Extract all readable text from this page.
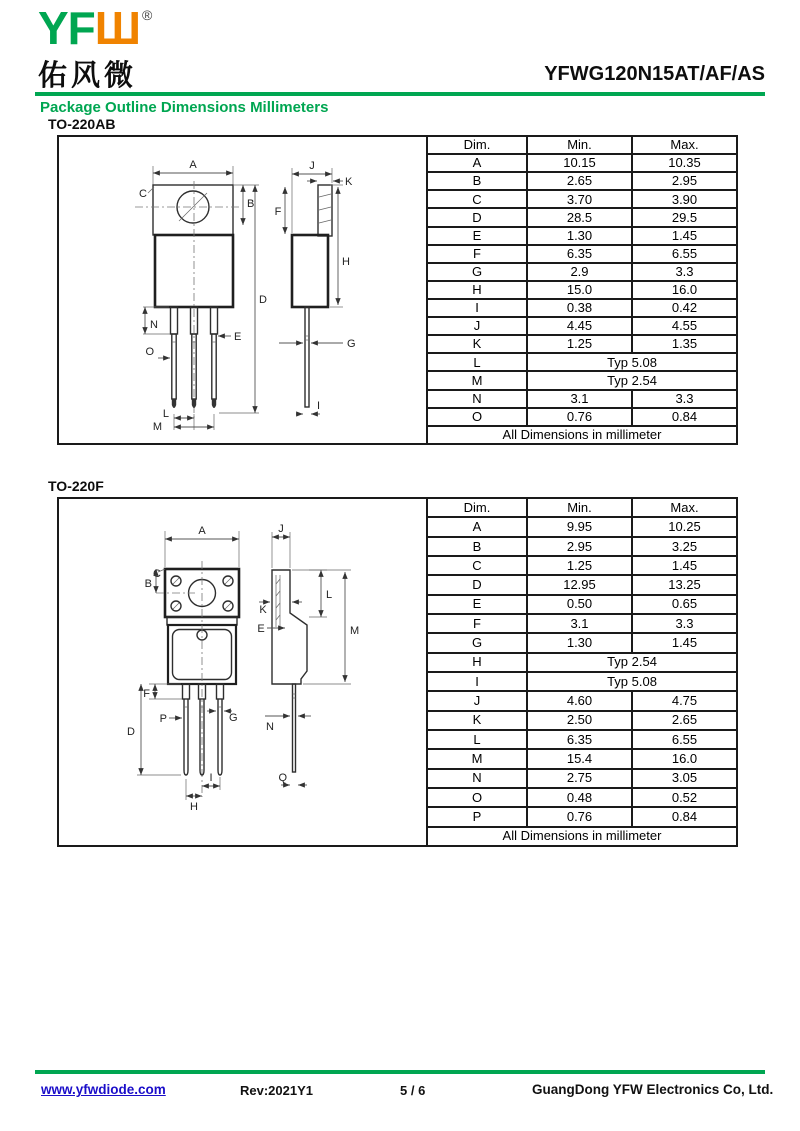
YFШ ®
佑风微	YFWG120N15AT/AF/AS
Package Outline Dimensions Millimeters
TO-220AB
A
C
B
D
N
E
O
L
M
J
K
F
H
G
I
Dim.	Min.	Max.
A	10.15	10.35
B	2.65	2.95
C	3.70	3.90
D	28.5	29.5
E	1.30	1.45
F	6.35	6.55
G	2.9	3.3
H	15.0	16.0
I	0.38	0.42
J	4.45	4.55
K	1.25	1.35
L	Typ 5.08	
M	Typ 2.54	
N	3.1	3.3
O	0.76	0.84
All Dimensions in millimeter		
TO-220F
A
C
B
F
D
P	G
I
H
J
L
K
E	M
N
Q
Dim.	Min.	Max.
A	9.95	10.25
B	2.95	3.25
C	1.25	1.45
D	12.95	13.25
E	0.50	0.65
F	3.1	3.3
G	1.30	1.45
H	Typ 2.54	
I	Typ 5.08	
J	4.60	4.75
K	2.50	2.65
L	6.35	6.55
M	15.4	16.0
N	2.75	3.05
O	0.48	0.52
P	0.76	0.84
All Dimensions in millimeter		
www.yfwdiode.com	Rev:2021Y1	5 / 6	GuangDong YFW Electronics Co, Ltd.
